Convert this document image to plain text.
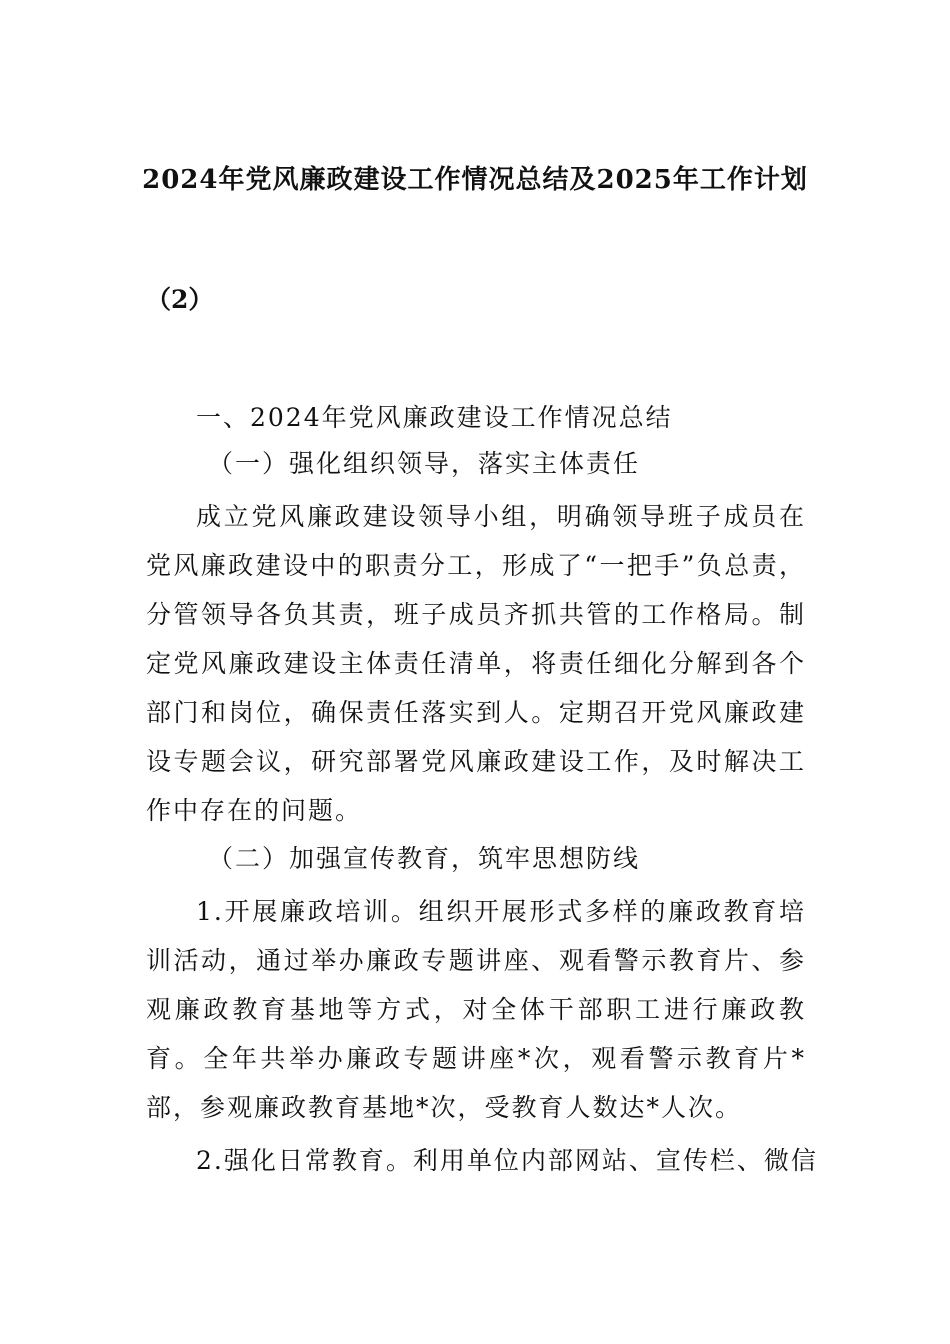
2024年党风廉政建设工作情况总结及2025年工作计划
（2）
一、2024年党风廉政建设工作情况总结
（一）强化组织领导，落实主体责任
成立党风廉政建设领导小组，明确领导班子成员在党风廉政建设中的职责分工，形成了“一把手”负总责，分管领导各负其责，班子成员齐抓共管的工作格局。制定党风廉政建设主体责任清单，将责任细化分解到各个部门和岗位，确保责任落实到人。定期召开党风廉政建设专题会议，研究部署党风廉政建设工作，及时解决工作中存在的问题。
（二）加强宣传教育，筑牢思想防线
1.开展廉政培训。组织开展形式多样的廉政教育培训活动，通过举办廉政专题讲座、观看警示教育片、参观廉政教育基地等方式，对全体干部职工进行廉政教育。全年共举办廉政专题讲座*次，观看警示教育片*部，参观廉政教育基地*次，受教育人数达*人次。
2.强化日常教育。利用单位内部网站、宣传栏、微信
